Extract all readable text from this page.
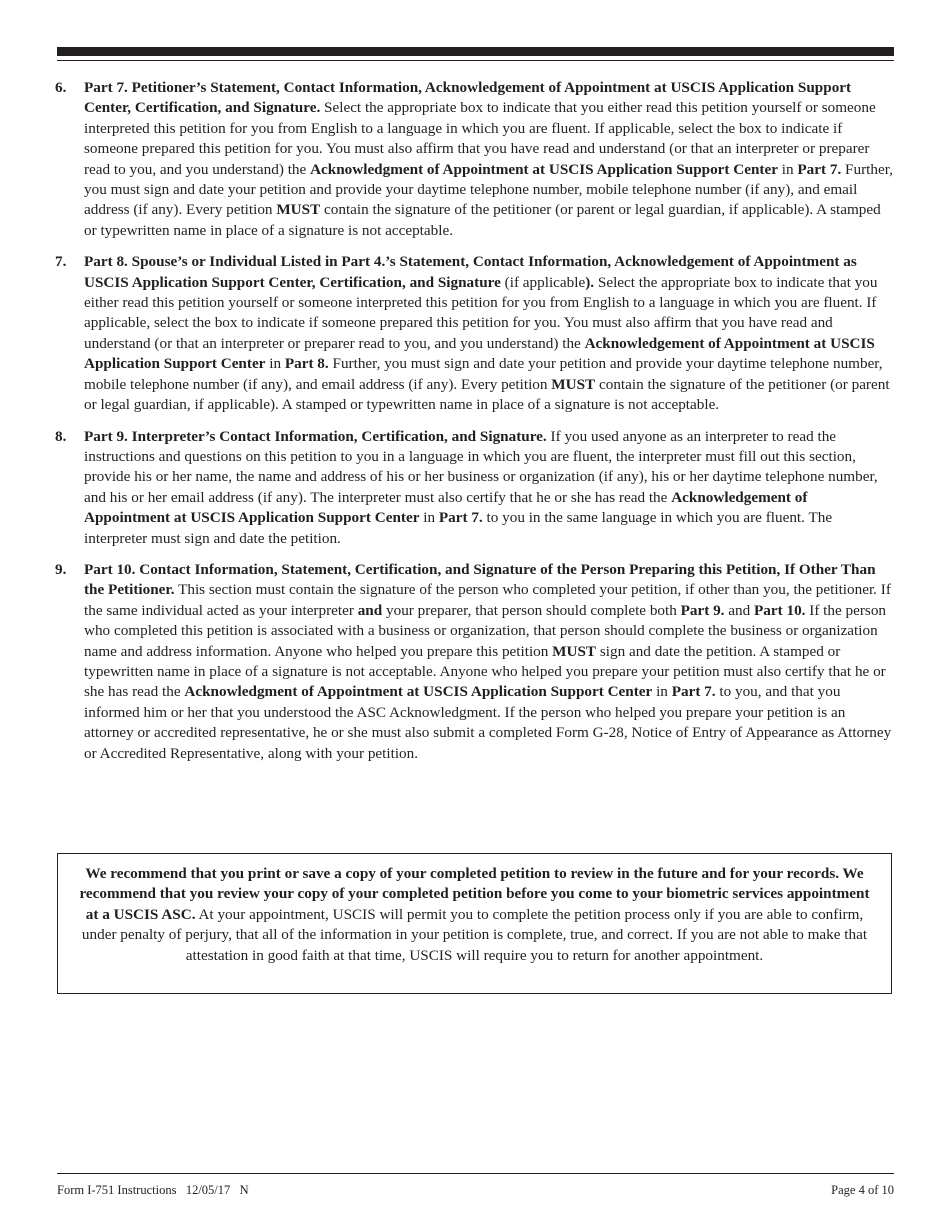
6. Part 7. Petitioner’s Statement, Contact Information, Acknowledgement of Appointment at USCIS Application Support Center, Certification, and Signature. Select the appropriate box to indicate that you either read this petition yourself or someone interpreted this petition for you from English to a language in which you are fluent. If applicable, select the box to indicate if someone prepared this petition for you. You must also affirm that you have read and understand (or that an interpreter or preparer read to you, and you understand) the Acknowledgment of Appointment at USCIS Application Support Center in Part 7. Further, you must sign and date your petition and provide your daytime telephone number, mobile telephone number (if any), and email address (if any). Every petition MUST contain the signature of the petitioner (or parent or legal guardian, if applicable). A stamped or typewritten name in place of a signature is not acceptable.
7. Part 8. Spouse’s or Individual Listed in Part 4.’s Statement, Contact Information, Acknowledgement of Appointment as USCIS Application Support Center, Certification, and Signature (if applicable). Select the appropriate box to indicate that you either read this petition yourself or someone interpreted this petition for you from English to a language in which you are fluent. If applicable, select the box to indicate if someone prepared this petition for you. You must also affirm that you have read and understand (or that an interpreter or preparer read to you, and you understand) the Acknowledgement of Appointment at USCIS Application Support Center in Part 8. Further, you must sign and date your petition and provide your daytime telephone number, mobile telephone number (if any), and email address (if any). Every petition MUST contain the signature of the petitioner (or parent or legal guardian, if applicable). A stamped or typewritten name in place of a signature is not acceptable.
8. Part 9. Interpreter’s Contact Information, Certification, and Signature. If you used anyone as an interpreter to read the instructions and questions on this petition to you in a language in which you are fluent, the interpreter must fill out this section, provide his or her name, the name and address of his or her business or organization (if any), his or her daytime telephone number, and his or her email address (if any). The interpreter must also certify that he or she has read the Acknowledgement of Appointment at USCIS Application Support Center in Part 7. to you in the same language in which you are fluent. The interpreter must sign and date the petition.
9. Part 10. Contact Information, Statement, Certification, and Signature of the Person Preparing this Petition, If Other Than the Petitioner. This section must contain the signature of the person who completed your petition, if other than you, the petitioner. If the same individual acted as your interpreter and your preparer, that person should complete both Part 9. and Part 10. If the person who completed this petition is associated with a business or organization, that person should complete the business or organization name and address information. Anyone who helped you prepare this petition MUST sign and date the petition. A stamped or typewritten name in place of a signature is not acceptable. Anyone who helped you prepare your petition must also certify that he or she has read the Acknowledgment of Appointment at USCIS Application Support Center in Part 7. to you, and that you informed him or her that you understood the ASC Acknowledgment. If the person who helped you prepare your petition is an attorney or accredited representative, he or she must also submit a completed Form G-28, Notice of Entry of Appearance as Attorney or Accredited Representative, along with your petition.
We recommend that you print or save a copy of your completed petition to review in the future and for your records. We recommend that you review your copy of your completed petition before you come to your biometric services appointment at a USCIS ASC. At your appointment, USCIS will permit you to complete the petition process only if you are able to confirm, under penalty of perjury, that all of the information in your petition is complete, true, and correct. If you are not able to make that attestation in good faith at that time, USCIS will require you to return for another appointment.
Form I-751 Instructions 12/05/17 N	Page 4 of 10
